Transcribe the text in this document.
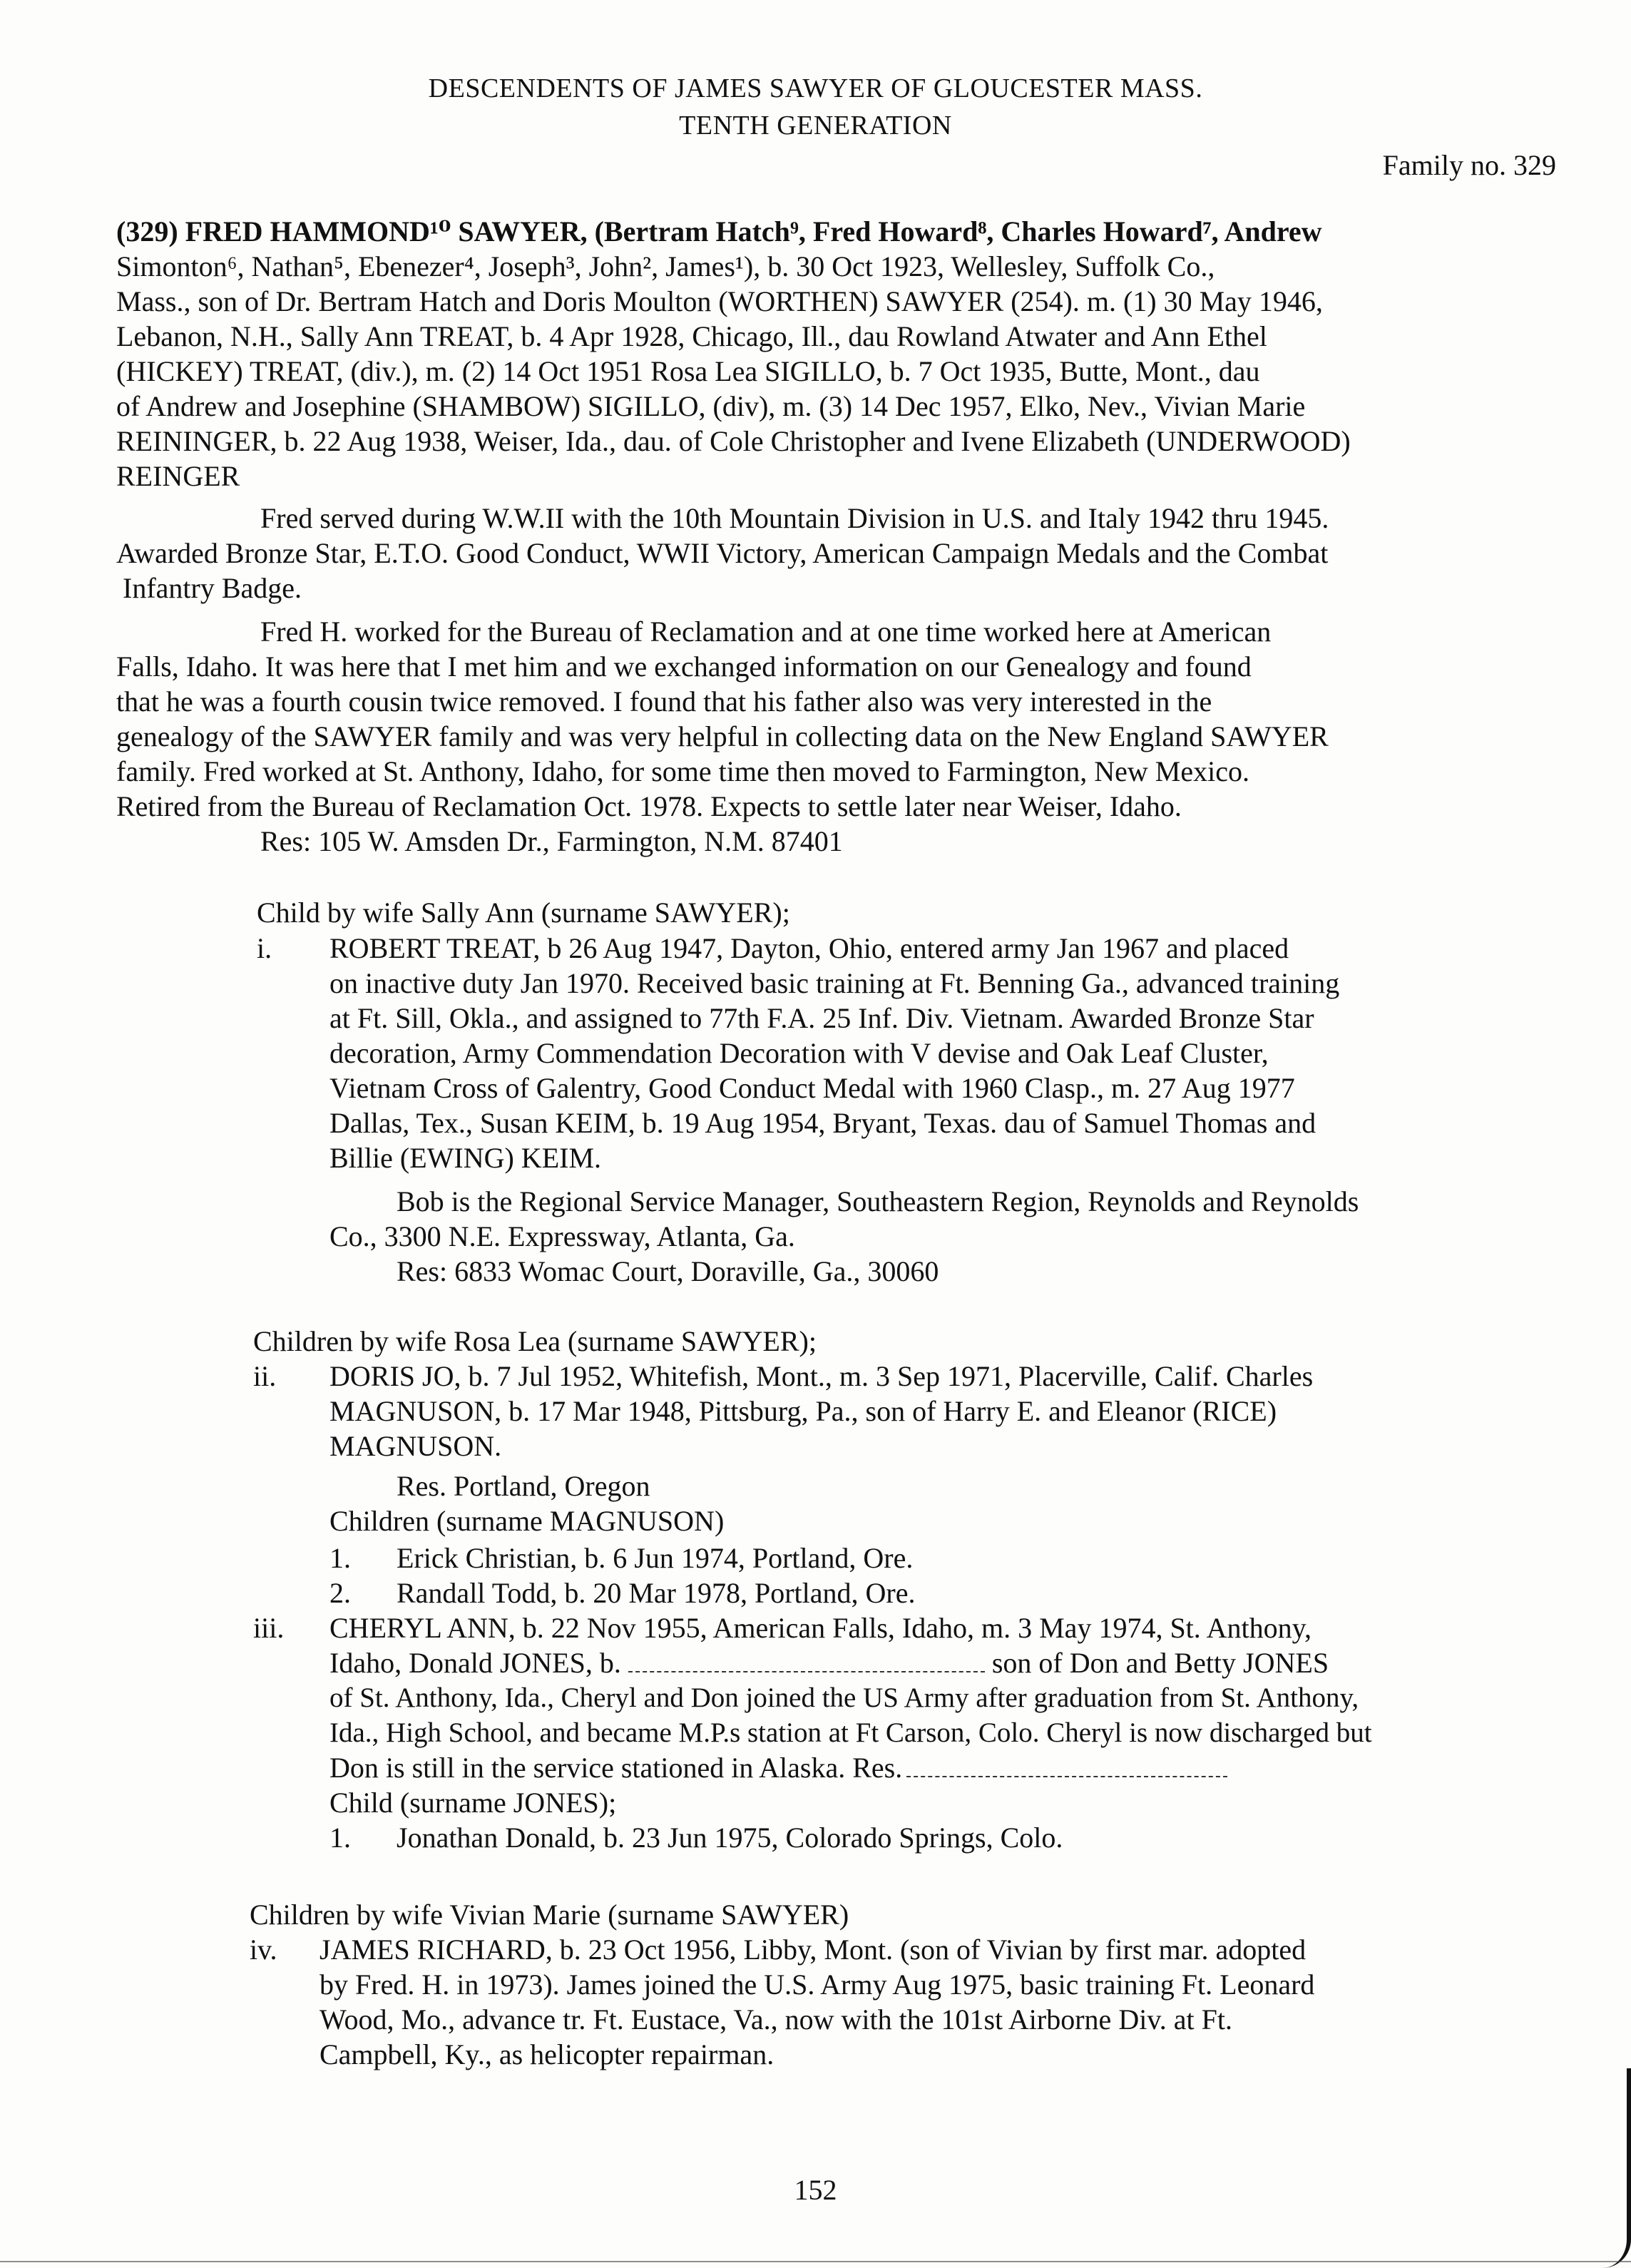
DESCENDENTS OF JAMES SAWYER OF GLOUCESTER MASS.
TENTH GENERATION
Family no. 329
(329) FRED HAMMOND¹⁰ SAWYER, (Bertram Hatch⁹, Fred Howard⁸, Charles Howard⁷, Andrew
Simonton⁶, Nathan⁵, Ebenezer⁴, Joseph³, John², James¹), b. 30 Oct 1923, Wellesley, Suffolk Co.,
Mass., son of Dr. Bertram Hatch and Doris Moulton (WORTHEN) SAWYER (254). m. (1) 30 May 1946,
Lebanon, N.H., Sally Ann TREAT, b. 4 Apr 1928, Chicago, Ill., dau Rowland Atwater and Ann Ethel
(HICKEY) TREAT, (div.), m. (2) 14 Oct 1951 Rosa Lea SIGILLO, b. 7 Oct 1935, Butte, Mont., dau
of Andrew and Josephine (SHAMBOW) SIGILLO, (div), m. (3) 14 Dec 1957, Elko, Nev., Vivian Marie
REININGER, b. 22 Aug 1938, Weiser, Ida., dau. of Cole Christopher and Ivene Elizabeth (UNDERWOOD)
REINGER
Fred served during W.W.II with the 10th Mountain Division in U.S. and Italy 1942 thru 1945.
Awarded Bronze Star, E.T.O. Good Conduct, WWII Victory, American Campaign Medals and the Combat
Infantry Badge.
Fred H. worked for the Bureau of Reclamation and at one time worked here at American
Falls, Idaho. It was here that I met him and we exchanged information on our Genealogy and found
that he was a fourth cousin twice removed. I found that his father also was very interested in the
genealogy of the SAWYER family and was very helpful in collecting data on the New England SAWYER
family. Fred worked at St. Anthony, Idaho, for some time then moved to Farmington, New Mexico.
Retired from the Bureau of Reclamation Oct. 1978. Expects to settle later near Weiser, Idaho.
Res: 105 W. Amsden Dr., Farmington, N.M. 87401
Child by wife Sally Ann (surname SAWYER);
i. ROBERT TREAT, b 26 Aug 1947, Dayton, Ohio, entered army Jan 1967 and placed
on inactive duty Jan 1970. Received basic training at Ft. Benning Ga., advanced training
at Ft. Sill, Okla., and assigned to 77th F.A. 25 Inf. Div. Vietnam. Awarded Bronze Star
decoration, Army Commendation Decoration with V devise and Oak Leaf Cluster,
Vietnam Cross of Galentry, Good Conduct Medal with 1960 Clasp., m. 27 Aug 1977
Dallas, Tex., Susan KEIM, b. 19 Aug 1954, Bryant, Texas. dau of Samuel Thomas and
Billie (EWING) KEIM.
Bob is the Regional Service Manager, Southeastern Region, Reynolds and Reynolds
Co., 3300 N.E. Expressway, Atlanta, Ga.
Res: 6833 Womac Court, Doraville, Ga., 30060
Children by wife Rosa Lea (surname SAWYER);
ii. DORIS JO, b. 7 Jul 1952, Whitefish, Mont., m. 3 Sep 1971, Placerville, Calif. Charles
MAGNUSON, b. 17 Mar 1948, Pittsburg, Pa., son of Harry E. and Eleanor (RICE)
MAGNUSON.
Res. Portland, Oregon
Children (surname MAGNUSON)
1. Erick Christian, b. 6 Jun 1974, Portland, Ore.
2. Randall Todd, b. 20 Mar 1978, Portland, Ore.
iii. CHERYL ANN, b. 22 Nov 1955, American Falls, Idaho, m. 3 May 1974, St. Anthony,
Idaho, Donald JONES, b.	son of Don and Betty JONES
of St. Anthony, Ida., Cheryl and Don joined the US Army after graduation from St. Anthony,
Ida., High School, and became M.P.s station at Ft Carson, Colo. Cheryl is now discharged but
Don is still in the service stationed in Alaska. Res.
Child (surname JONES);
1. Jonathan Donald, b. 23 Jun 1975, Colorado Springs, Colo.
Children by wife Vivian Marie (surname SAWYER)
iv. JAMES RICHARD, b. 23 Oct 1956, Libby, Mont. (son of Vivian by first mar. adopted
by Fred. H. in 1973). James joined the U.S. Army Aug 1975, basic training Ft. Leonard
Wood, Mo., advance tr. Ft. Eustace, Va., now with the 101st Airborne Div. at Ft.
Campbell, Ky., as helicopter repairman.
152
